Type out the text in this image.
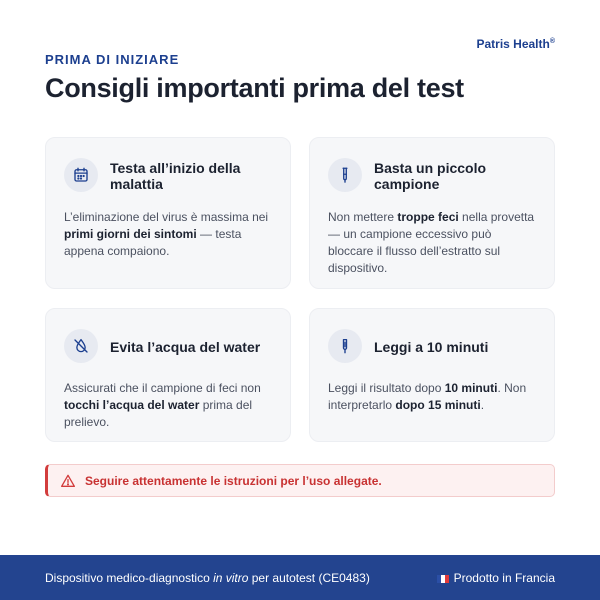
Patris Health®
PRIMA DI INIZIARE
Consigli importanti prima del test
Testa all’inizio della
malattia

L’eliminazione del virus è massima nei primi giorni dei sintomi — testa appena compaiono.

Basta un piccolo
campione

Non mettere troppe feci nella provetta — un campione eccessivo può bloccare il flusso dell’estratto sul dispositivo.

Evita l’acqua del water

Assicurati che il campione di feci non tocchi l’acqua del water prima del prelievo.

Leggi a 10 minuti

Leggi il risultato dopo 10 minuti. Non interpretarlo dopo 15 minuti.

Seguire attentamente le istruzioni per l’uso allegate.
Dispositivo medico-diagnostico in vitro per autotest (CE0483)	Prodotto in Francia
